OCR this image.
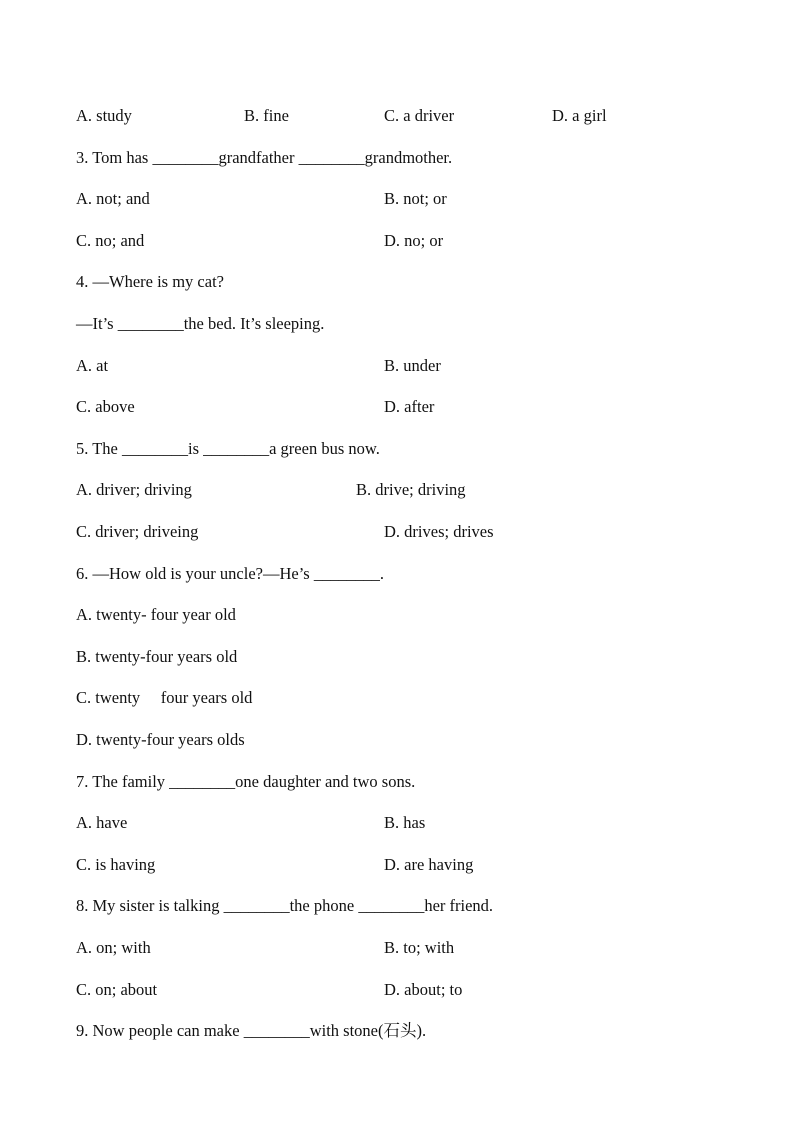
A. study

	B. fine

	C. a driver

	D. a girl

3. Tom has ________grandfather ________grandmother.

A. not; and

	B. not; or

C. no; and

	D. no; or

4. —Where is my cat?
—It’s ________the bed. It’s sleeping.

A. at

	B. under

C. above

	D. after

5. The ________is ________a green bus now.

A. driver; driving

	B. drive; driving

C. driver; driveing

	D. drives; drives

6. —How old is your uncle?—He’s ________.
A. twenty- four year old
B. twenty-four years old
C. twenty     four years old
D. twenty-four years olds
7. The family ________one daughter and two sons.

A. have

	B. has

C. is having

	D. are having

8. My sister is talking ________the phone ________her friend.

A. on; with

	B. to; with

C. on; about

	D. about; to

9. Now people can make ________with stone(石头).
